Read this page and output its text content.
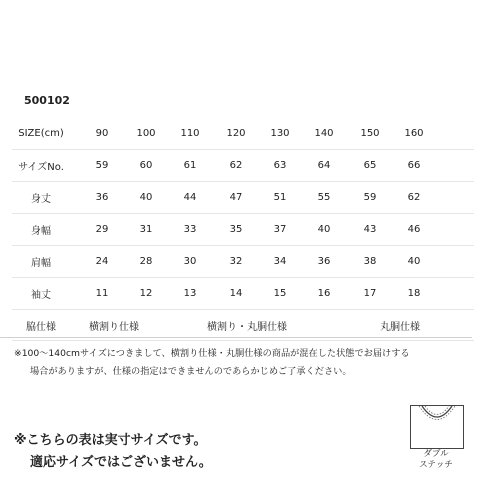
500102
SIZE(cm)	90	100	110	120	130	140	150	160
サイズNo.	59	60	61	62	63	64	65	66
身丈	36	40	44	47	51	55	59	62
身幅	29	31	33	35	37	40	43	46
肩幅	24	28	30	32	34	36	38	40
袖丈	11	12	13	14	15	16	17	18
脇仕様	横割り仕様	横割り・丸胴仕様	丸胴仕様
※100〜140cmサイズにつきまして、横割り仕様・丸胴仕様の商品が混在した状態でお届けする
場合がありますが、仕様の指定はできませんのであらかじめご了承ください。
※こちらの表は実寸サイズです。
適応サイズではございません。
ダブル
ステッチ
